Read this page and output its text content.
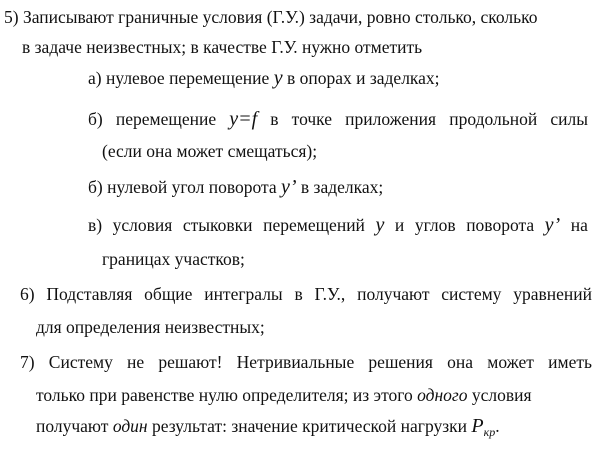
5) Записывают граничные условия (Г.У.) задачи, ровно столько, сколько
в задаче неизвестных; в качестве Г.У. нужно отметить
а) нулевое перемещение y в опорах и заделках;
б) перемещение y=f в точке приложения продольной силы
(если она может смещаться);
б) нулевой угол поворота y’ в заделках;
в) условия стыковки перемещений y и углов поворота y’ на
границах участков;
6) Подставляя общие интегралы в Г.У., получают систему уравнений
для определения неизвестных;
7) Систему не решают! Нетривиальные решения она может иметь
только при равенстве нулю определителя; из этого одного условия
получают один результат: значение критической нагрузки $P_{кр}$.
